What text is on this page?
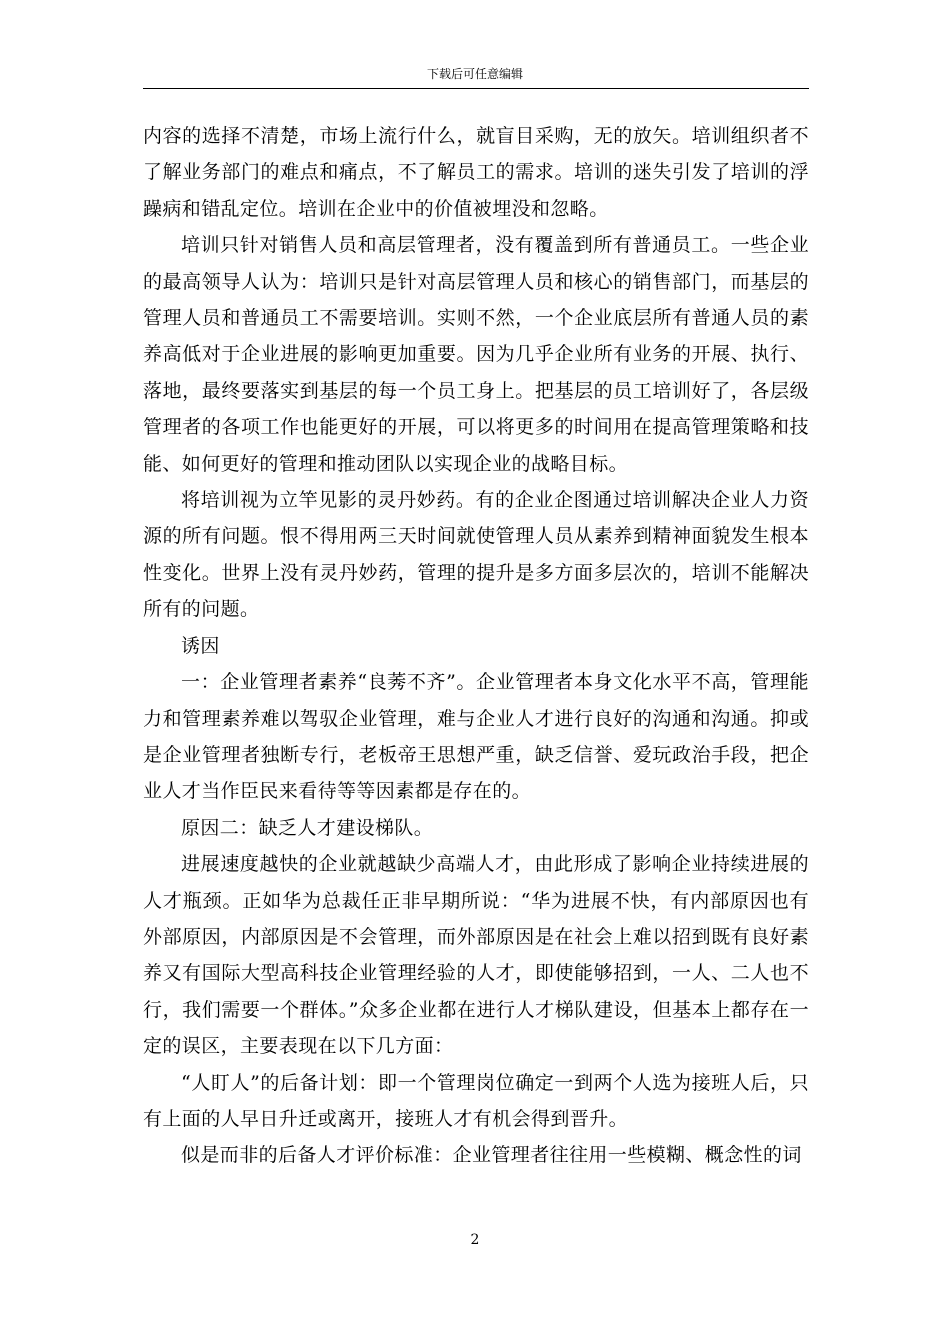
下载后可任意编辑

内容的选择不清楚，市场上流行什么，就盲目采购，无的放矢。培训组织者不了解业务部门的难点和痛点，不了解员工的需求。培训的迷失引发了培训的浮躁病和错乱定位。培训在企业中的价值被埋没和忽略。

培训只针对销售人员和高层管理者，没有覆盖到所有普通员工。一些企业的最高领导人认为：培训只是针对高层管理人员和核心的销售部门，而基层的管理人员和普通员工不需要培训。实则不然，一个企业底层所有普通人员的素养高低对于企业进展的影响更加重要。因为几乎企业所有业务的开展、执行、落地，最终要落实到基层的每一个员工身上。把基层的员工培训好了，各层级管理者的各项工作也能更好的开展，可以将更多的时间用在提高管理策略和技能、如何更好的管理和推动团队以实现企业的战略目标。

将培训视为立竿见影的灵丹妙药。有的企业企图通过培训解决企业人力资源的所有问题。恨不得用两三天时间就使管理人员从素养到精神面貌发生根本性变化。世界上没有灵丹妙药，管理的提升是多方面多层次的，培训不能解决所有的问题。

诱因

一：企业管理者素养“良莠不齐”。企业管理者本身文化水平不高，管理能力和管理素养难以驾驭企业管理，难与企业人才进行良好的沟通和沟通。抑或是企业管理者独断专行，老板帝王思想严重，缺乏信誉、爱玩政治手段，把企业人才当作臣民来看待等等因素都是存在的。

原因二：缺乏人才建设梯队。

进展速度越快的企业就越缺少高端人才，由此形成了影响企业持续进展的人才瓶颈。正如华为总裁任正非早期所说：“华为进展不快，有内部原因也有外部原因，内部原因是不会管理，而外部原因是在社会上难以招到既有良好素养又有国际大型高科技企业管理经验的人才，即使能够招到，一人、二人也不行，我们需要一个群体。”众多企业都在进行人才梯队建设，但基本上都存在一定的误区，主要表现在以下几方面：

“人盯人”的后备计划：即一个管理岗位确定一到两个人选为接班人后，只有上面的人早日升迁或离开，接班人才有机会得到晋升。

似是而非的后备人才评价标准：企业管理者往往用一些模糊、概念性的词

2
